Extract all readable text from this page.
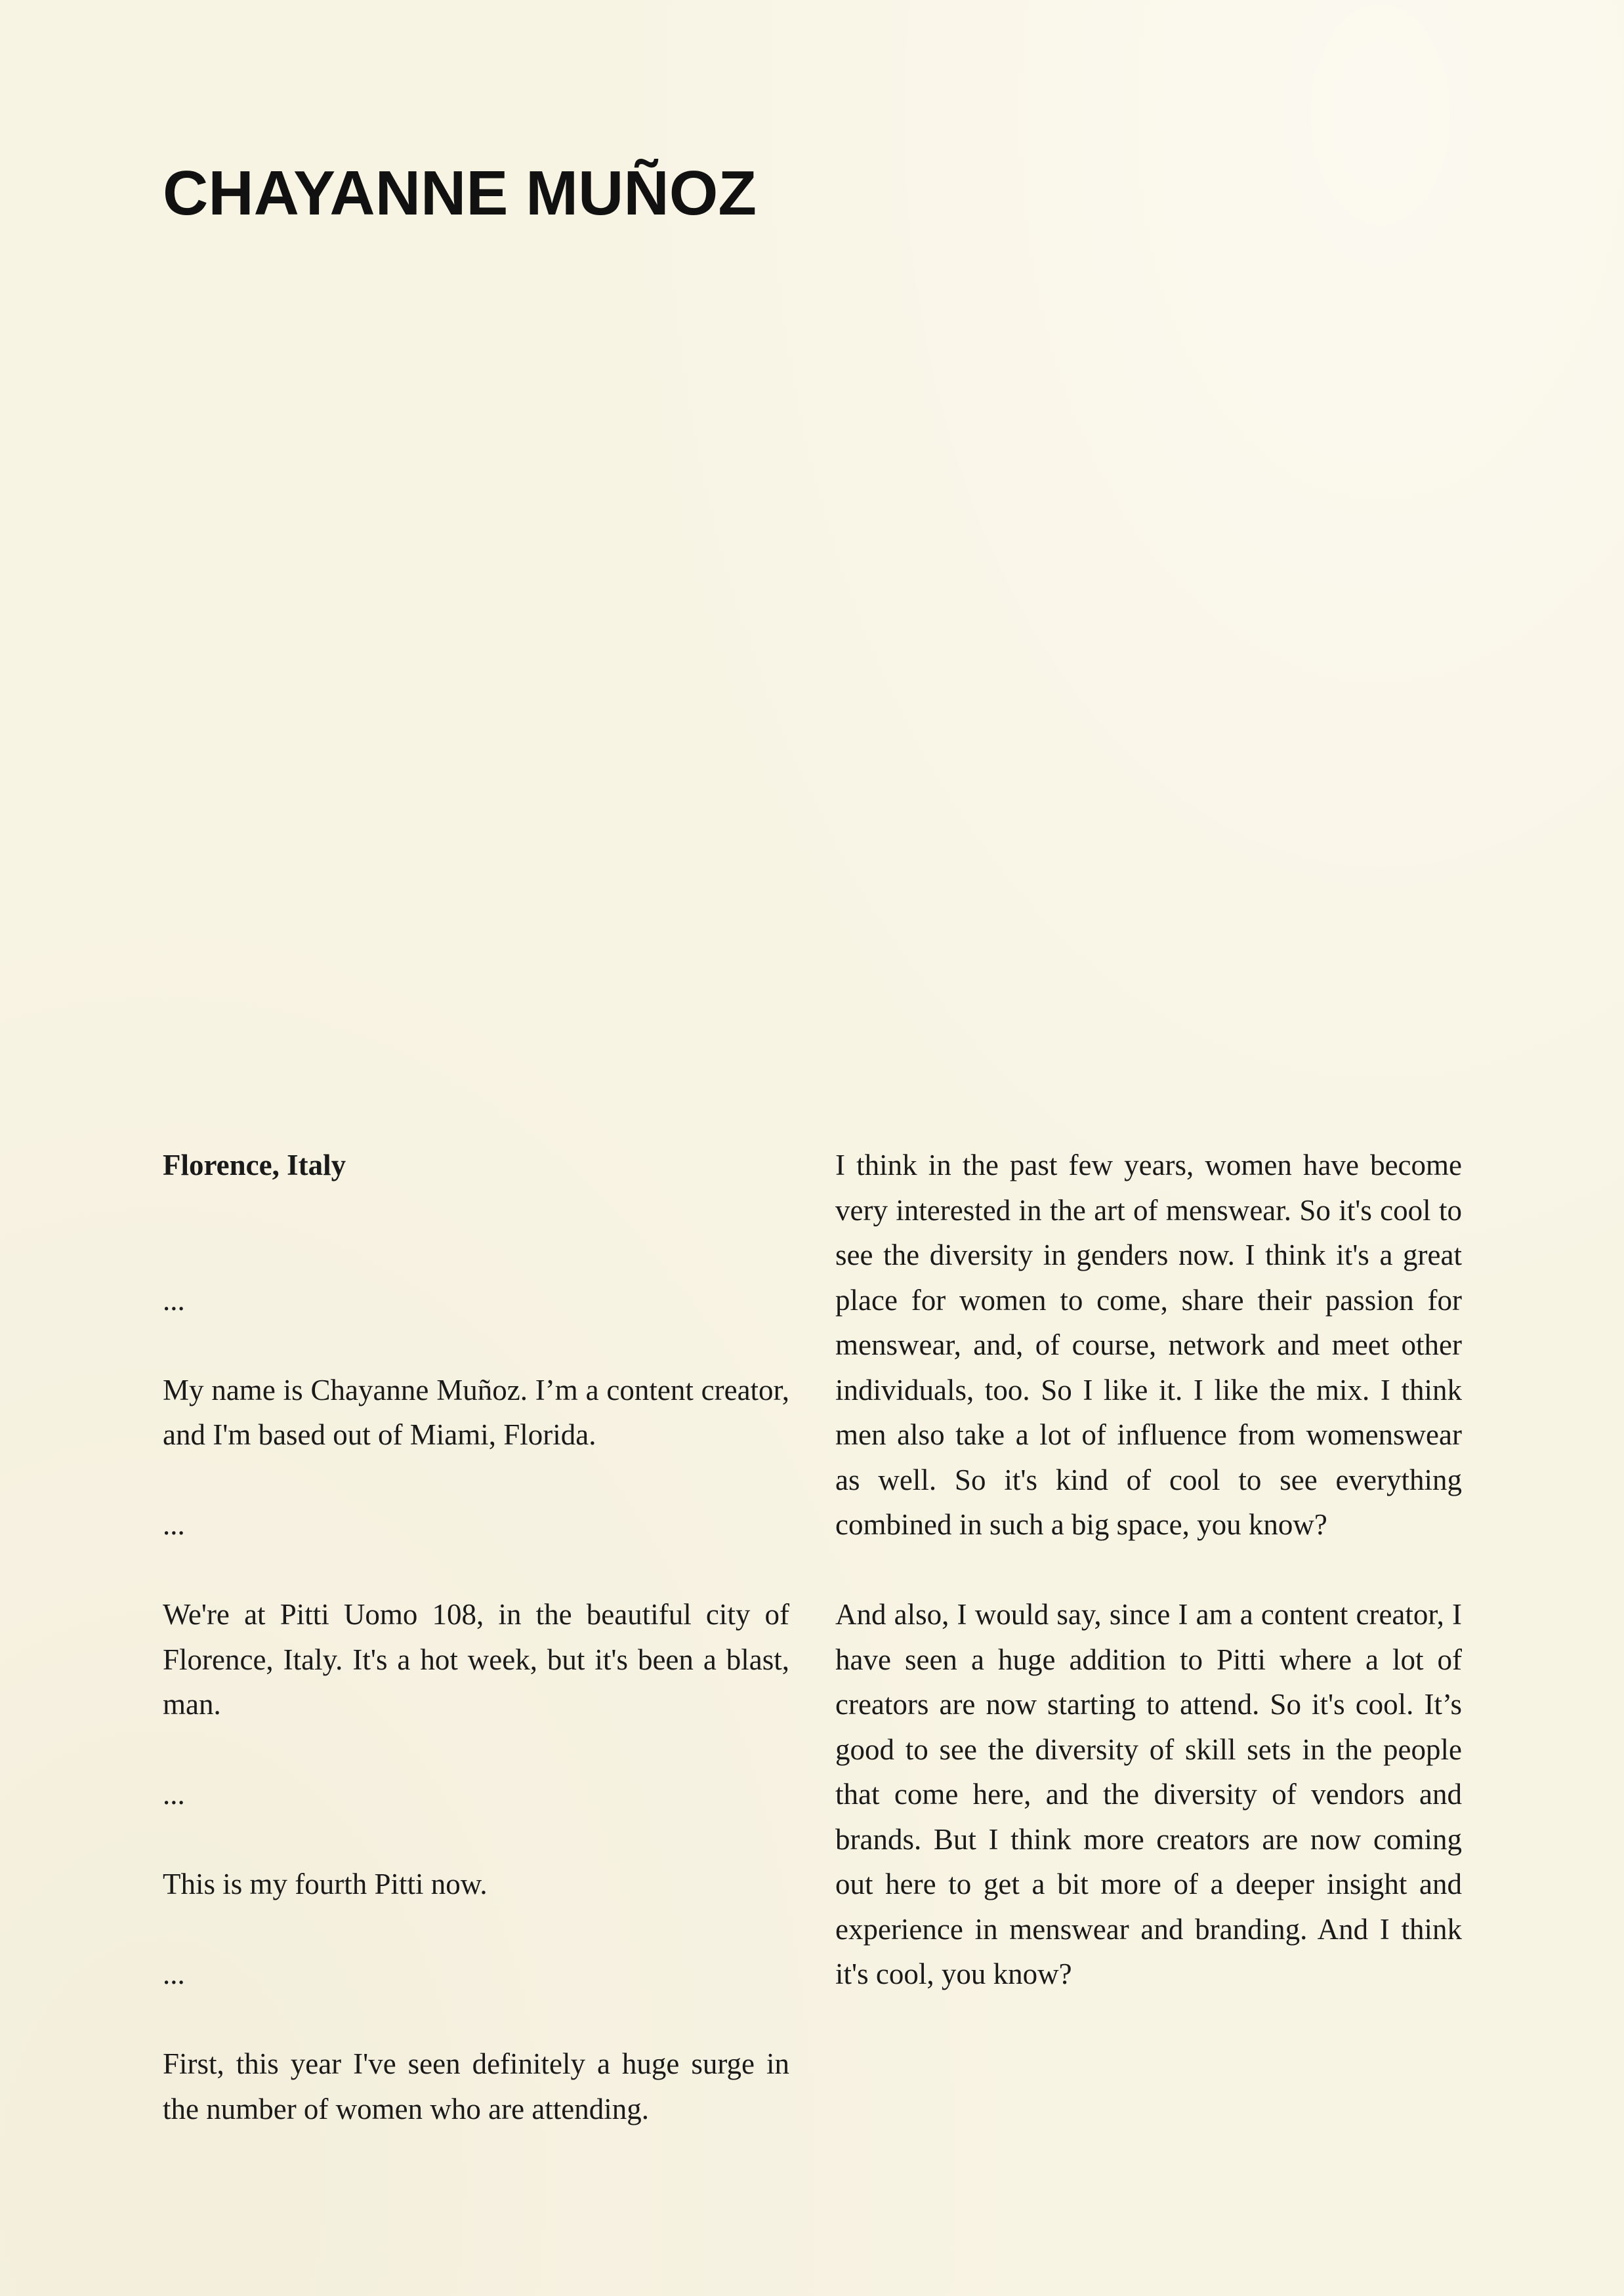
CHAYANNE MUÑOZ

Florence, Italy

...

My name is Chayanne Muñoz. I’m a content creator, and I'm based out of Miami, Florida.

...

We're at Pitti Uomo 108, in the beautiful city of Florence, Italy. It's a hot week, but it's been a blast, man.

...

This is my fourth Pitti now.

...

First, this year I've seen definitely a huge surge in the number of women who are attending.

I think in the past few years, women have become very interested in the art of menswear. So it's cool to see the diversity in genders now. I think it's a great place for women to come, share their passion for menswear, and, of course, network and meet other individuals, too. So I like it. I like the mix. I think men also take a lot of influence from womenswear as well. So it's kind of cool to see everything combined in such a big space, you know?

And also, I would say, since I am a content creator, I have seen a huge addition to Pitti where a lot of creators are now starting to attend. So it's cool. It’s good to see the diversity of skill sets in the people that come here, and the diversity of vendors and brands. But I think more creators are now coming out here to get a bit more of a deeper insight and experience in menswear and branding. And I think it's cool, you know?
